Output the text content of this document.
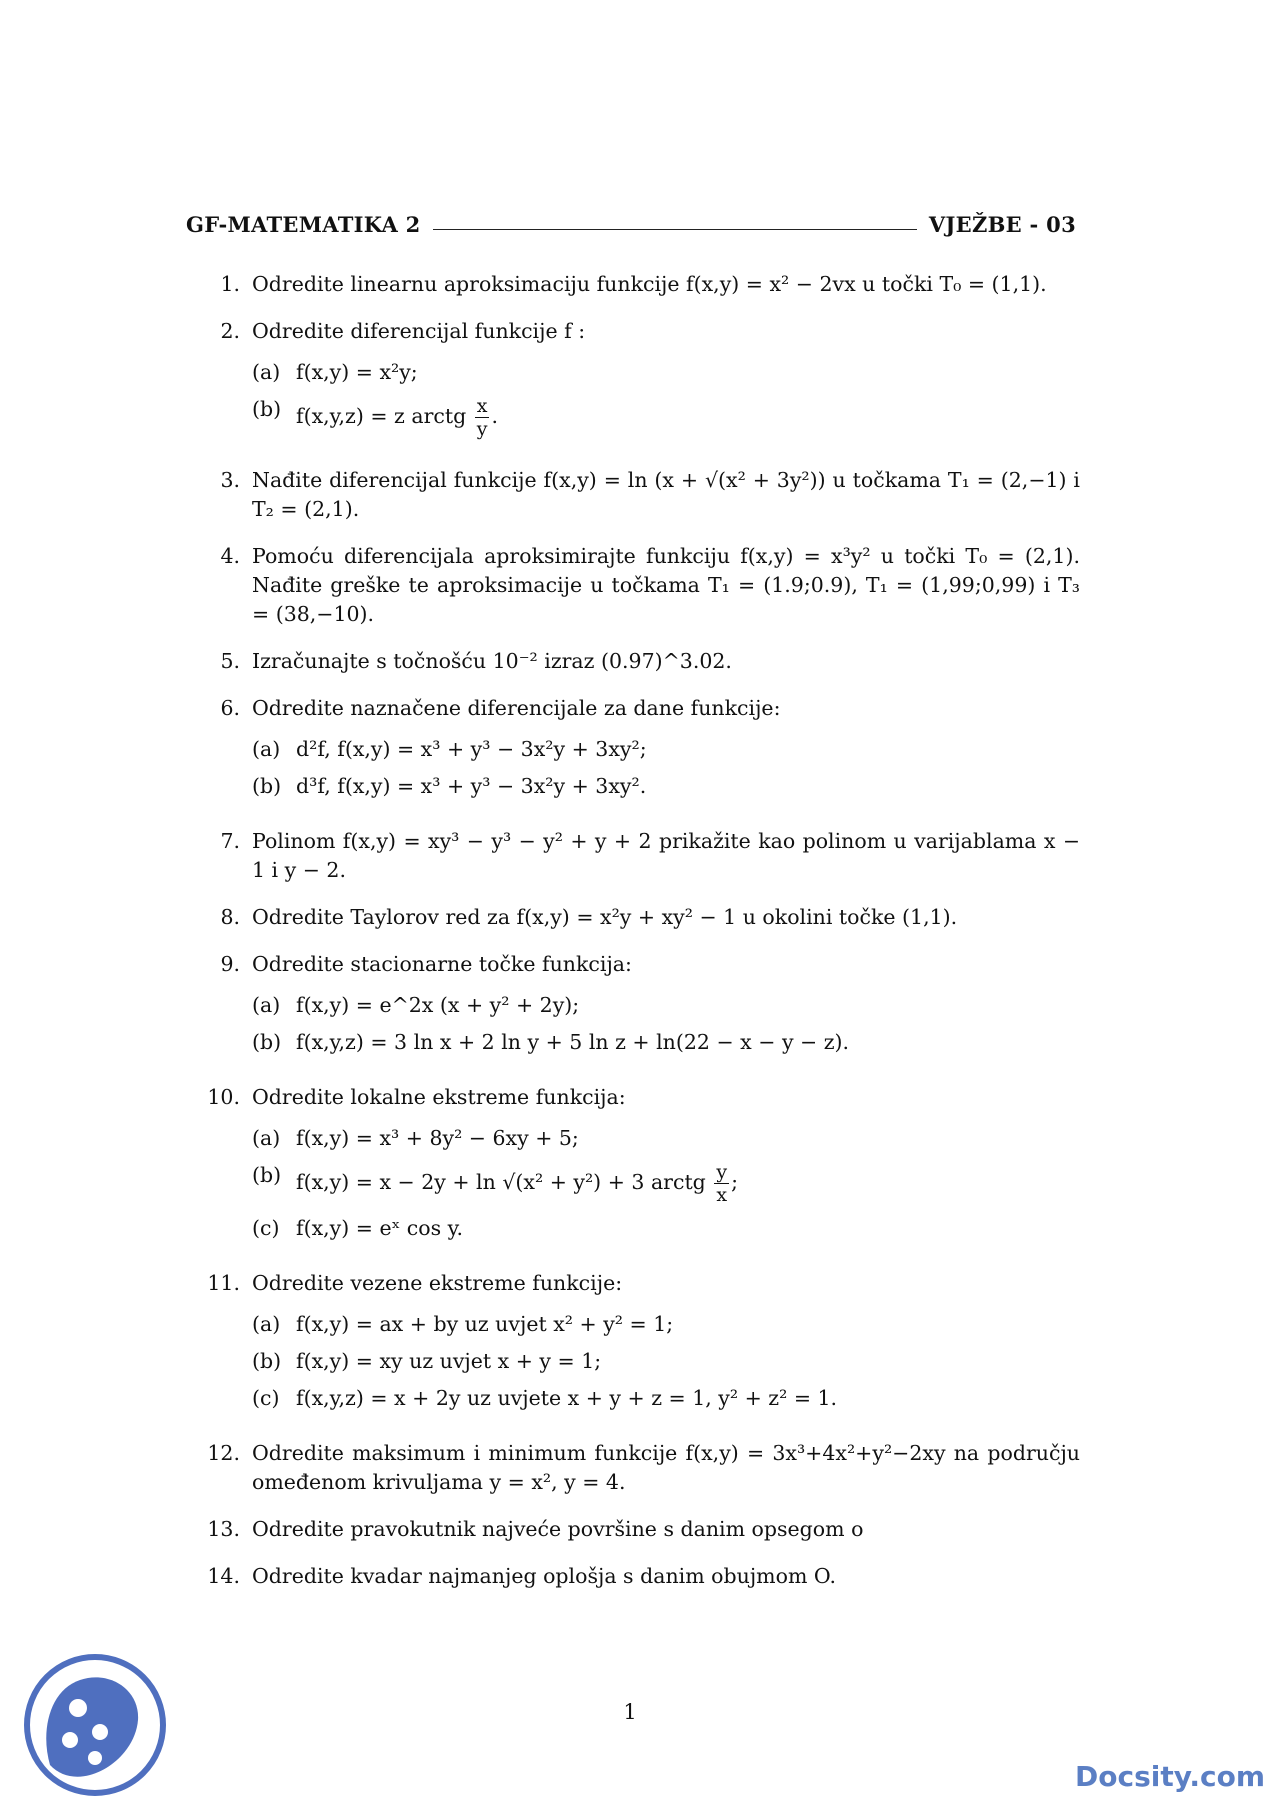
GF-MATEMATIKA 2	VJEŽBE - 03
1. Odredite linearnu aproksimaciju funkcije f(x,y) = x² − 2vx u točki T₀ = (1,1).
2. Odredite diferencijal funkcije f :
(a) f(x,y) = x²y;
(b) f(x,y,z) = z arctg $\frac{x}{y}$ .
3. Nađite diferencijal funkcije f(x,y) = ln (x + √(x² + 3y²)) u točkama T₁ = (2,−1) i T₂ = (2,1).
4. Pomoću diferencijala aproksimirajte funkciju f(x,y) = x³y² u točki T₀ = (2,1). Nađite greške te aproksimacije u točkama T₁ = (1.9;0.9), T₁ = (1,99;0,99) i T₃ = (38,−10).
5. Izračunajte s točnošću 10⁻² izraz (0.97)^3.02.
6. Odredite naznačene diferencijale za dane funkcije:
(a) d²f, f(x,y) = x³ + y³ − 3x²y + 3xy²;
(b) d³f, f(x,y) = x³ + y³ − 3x²y + 3xy².
7. Polinom f(x,y) = xy³ − y³ − y² + y + 2 prikažite kao polinom u varijablama x − 1 i y − 2.
8. Odredite Taylorov red za f(x,y) = x²y + xy² − 1 u okolini točke (1,1).
9. Odredite stacionarne točke funkcija:
(a) f(x,y) = e^2x (x + y² + 2y);
(b) f(x,y,z) = 3 ln x + 2 ln y + 5 ln z + ln(22 − x − y − z).
10. Odredite lokalne ekstreme funkcija:
(a) f(x,y) = x³ + 8y² − 6xy + 5;
(b) f(x,y) = x − 2y + ln √(x² + y²) + 3 arctg $\frac{y}{x}$ ;
(c) f(x,y) = eˣ cos y.
11. Odredite vezene ekstreme funkcije:
(a) f(x,y) = ax + by uz uvjet x² + y² = 1;
(b) f(x,y) = xy uz uvjet x + y = 1;
(c) f(x,y,z) = x + 2y uz uvjete x + y + z = 1, y² + z² = 1.
12. Odredite maksimum i minimum funkcije f(x,y) = 3x³+4x²+y²−2xy na području omeđenom krivuljama y = x², y = 4.
13. Odredite pravokutnik najveće površine s danim opsegom o
14. Odredite kvadar najmanjeg oplošja s danim obujmom O.
1
Docsity.com
